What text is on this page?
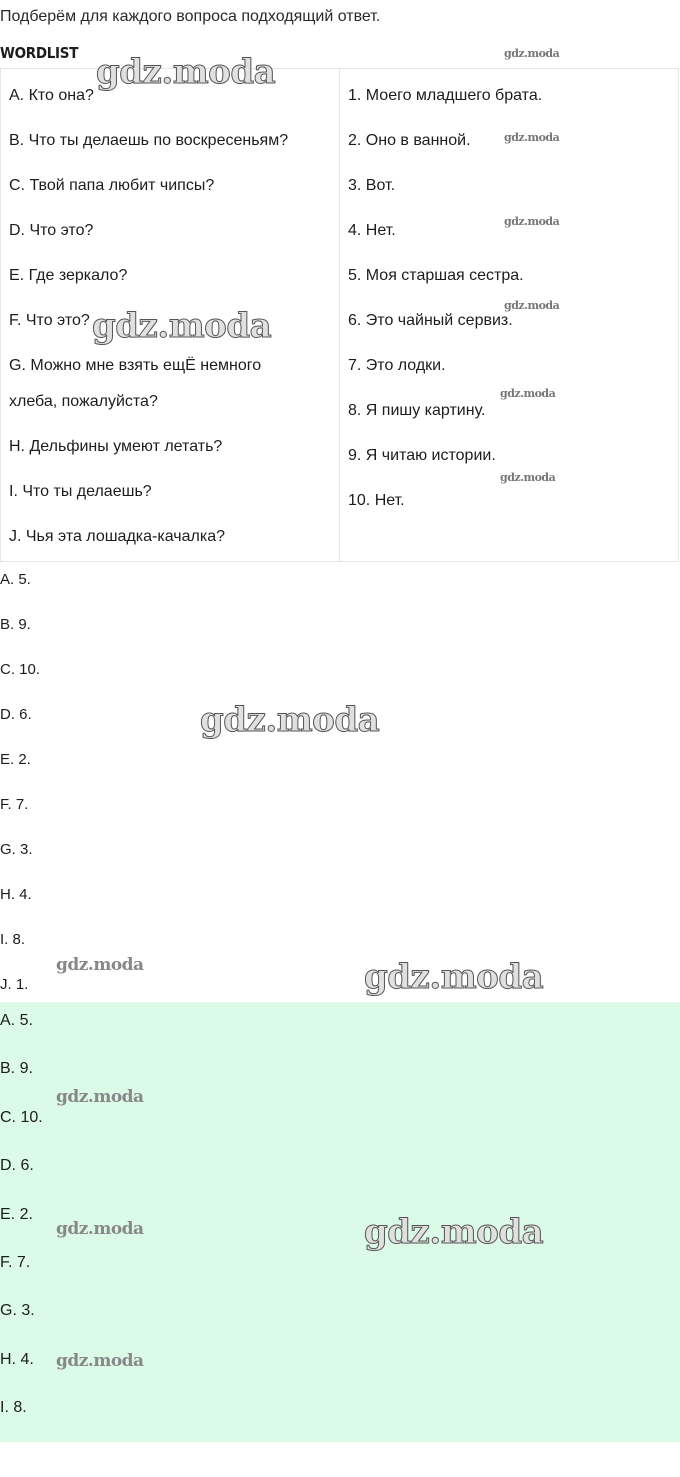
Подберём для каждого вопроса подходящий ответ.
WORDLIST
A. Кто она?
B. Что ты делаешь по воскресеньям?
C. Твой папа любит чипсы?
D. Что это?
E. Где зеркало?
F. Что это?
G. Можно мне взять ещЁ немного
хлеба, пожалуйста?
H. Дельфины умеют летать?
I. Что ты делаешь?
J. Чья эта лошадка-качалка?
1. Моего младшего брата.
2. Оно в ванной.
3. Вот.
4. Нет.
5. Моя старшая сестра.
6. Это чайный сервиз.
7. Это лодки.
8. Я пишу картину.
9. Я читаю истории.
10. Нет.
A. 5.
B. 9.
C. 10.
D. 6.
E. 2.
F. 7.
G. 3.
H. 4.
I. 8.
J. 1.
A. 5.
B. 9.
C. 10.
D. 6.
E. 2.
F. 7.
G. 3.
H. 4.
I. 8.
gdz.moda
gdz.moda
gdz.moda
gdz.moda
gdz.moda
gdz.moda
gdz.moda
gdz.moda
gdz.moda
gdz.moda
gdz.moda
gdz.moda
gdz.moda
gdz.moda
gdz.moda
